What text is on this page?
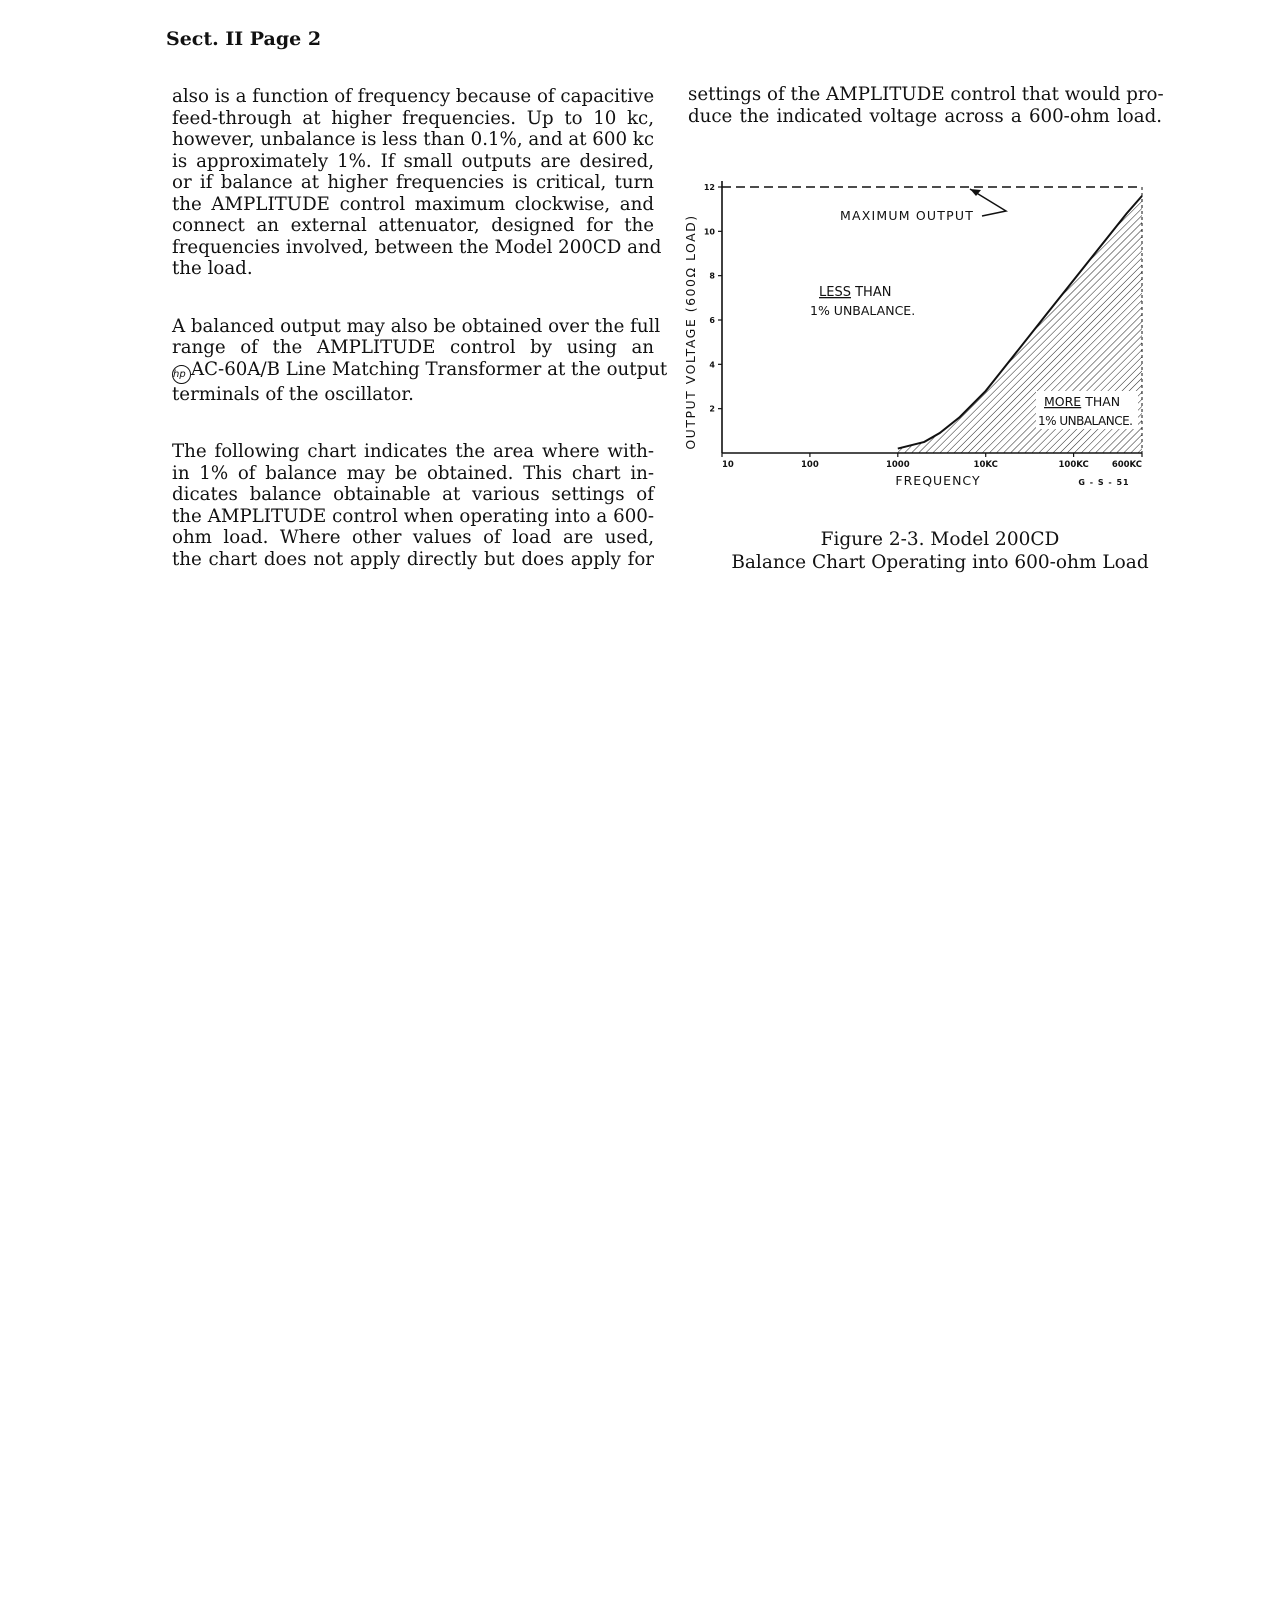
Sect. II Page 2
also is a function of frequency because of capacitive
feed-through at higher frequencies. Up to 10 kc,
however, unbalance is less than 0.1%, and at 600 kc
is approximately 1%. If small outputs are desired,
or if balance at higher frequencies is critical, turn
the AMPLITUDE control maximum clockwise, and
connect an external attenuator, designed for the
frequencies involved, between the Model 200CD and
the load.
A balanced output may also be obtained over the full
range of the AMPLITUDE control by using an
hp AC-60A/B Line Matching Transformer at the output
terminals of the oscillator.
The following chart indicates the area where with-
in 1% of balance may be obtained. This chart in-
dicates balance obtainable at various settings of
the AMPLITUDE control when operating into a 600-
ohm load. Where other values of load are used,
the chart does not apply directly but does apply for
settings of the AMPLITUDE control that would pro-
duce the indicated voltage across a 600-ohm load.
2
4
6
8
10
12
10	100	1000	10KC	100KC	600KC
FREQUENCY
OUTPUT VOLTAGE (600Ω LOAD)	MAXIMUM OUTPUT
LESS THAN
1% UNBALANCE.
MORE THAN
1% UNBALANCE.
G - S - 51
Figure 2-3. Model 200CD
Balance Chart Operating into 600-ohm Load
